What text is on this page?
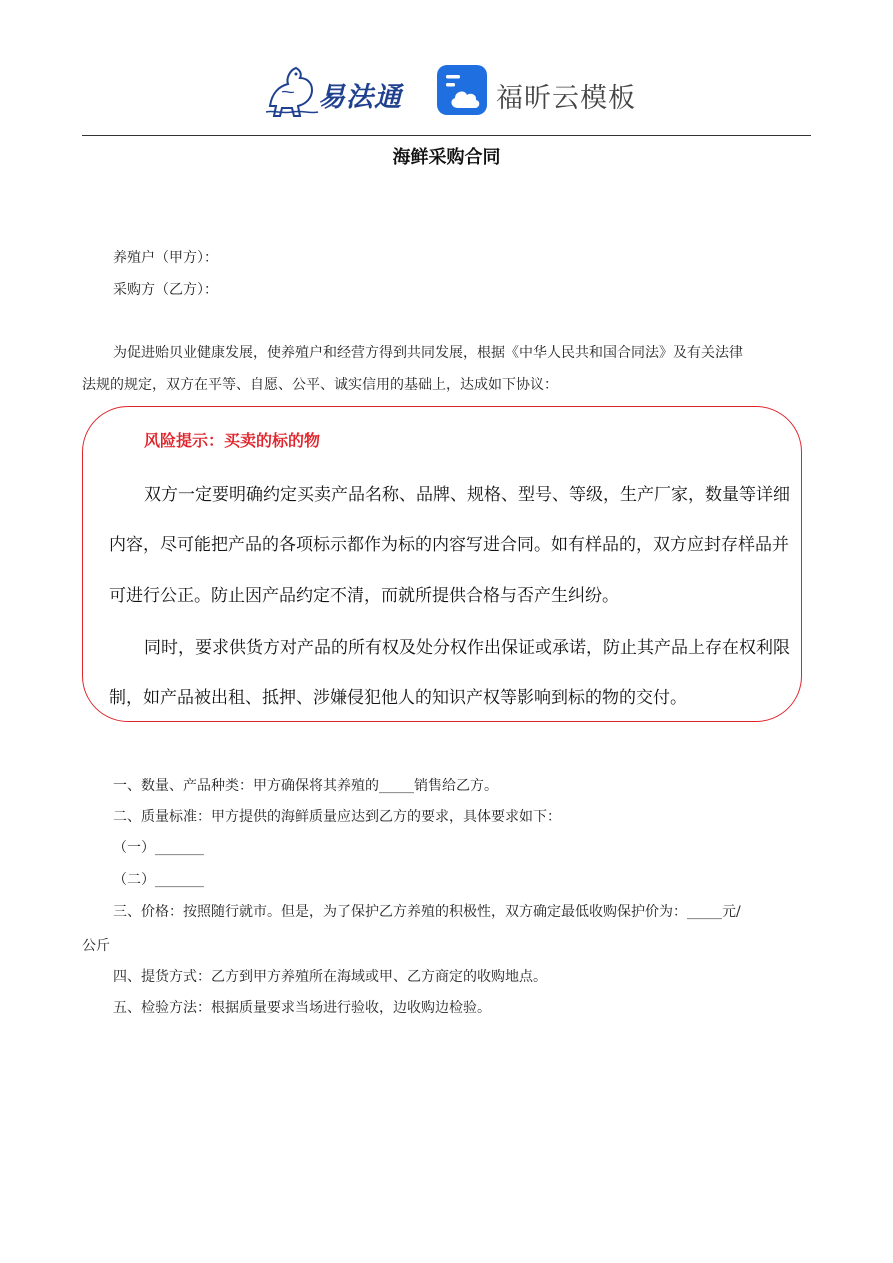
易法通	福昕云模板
海鲜采购合同
养殖户（甲方）：
采购方（乙方）：
为促进贻贝业健康发展，使养殖户和经营方得到共同发展，根据《中华人民共和国合同法》及有关法律
法规的规定，双方在平等、自愿、公平、诚实信用的基础上，达成如下协议：
风险提示：买卖的标的物
双方一定要明确约定买卖产品名称、品牌、规格、型号、等级，生产厂家，数量等详细
内容，尽可能把产品的各项标示都作为标的内容写进合同。如有样品的，双方应封存样品并
可进行公正。防止因产品约定不清，而就所提供合格与否产生纠纷。
同时，要求供货方对产品的所有权及处分权作出保证或承诺，防止其产品上存在权利限
制，如产品被出租、抵押、涉嫌侵犯他人的知识产权等影响到标的物的交付。
一、数量、产品种类：甲方确保将其养殖的_____销售给乙方。
二、质量标准：甲方提供的海鲜质量应达到乙方的要求，具体要求如下：
（一）_______
（二）_______
三、价格：按照随行就市。但是，为了保护乙方养殖的积极性，双方确定最低收购保护价为：_____元/
公斤
四、提货方式：乙方到甲方养殖所在海域或甲、乙方商定的收购地点。
五、检验方法：根据质量要求当场进行验收，边收购边检验。
